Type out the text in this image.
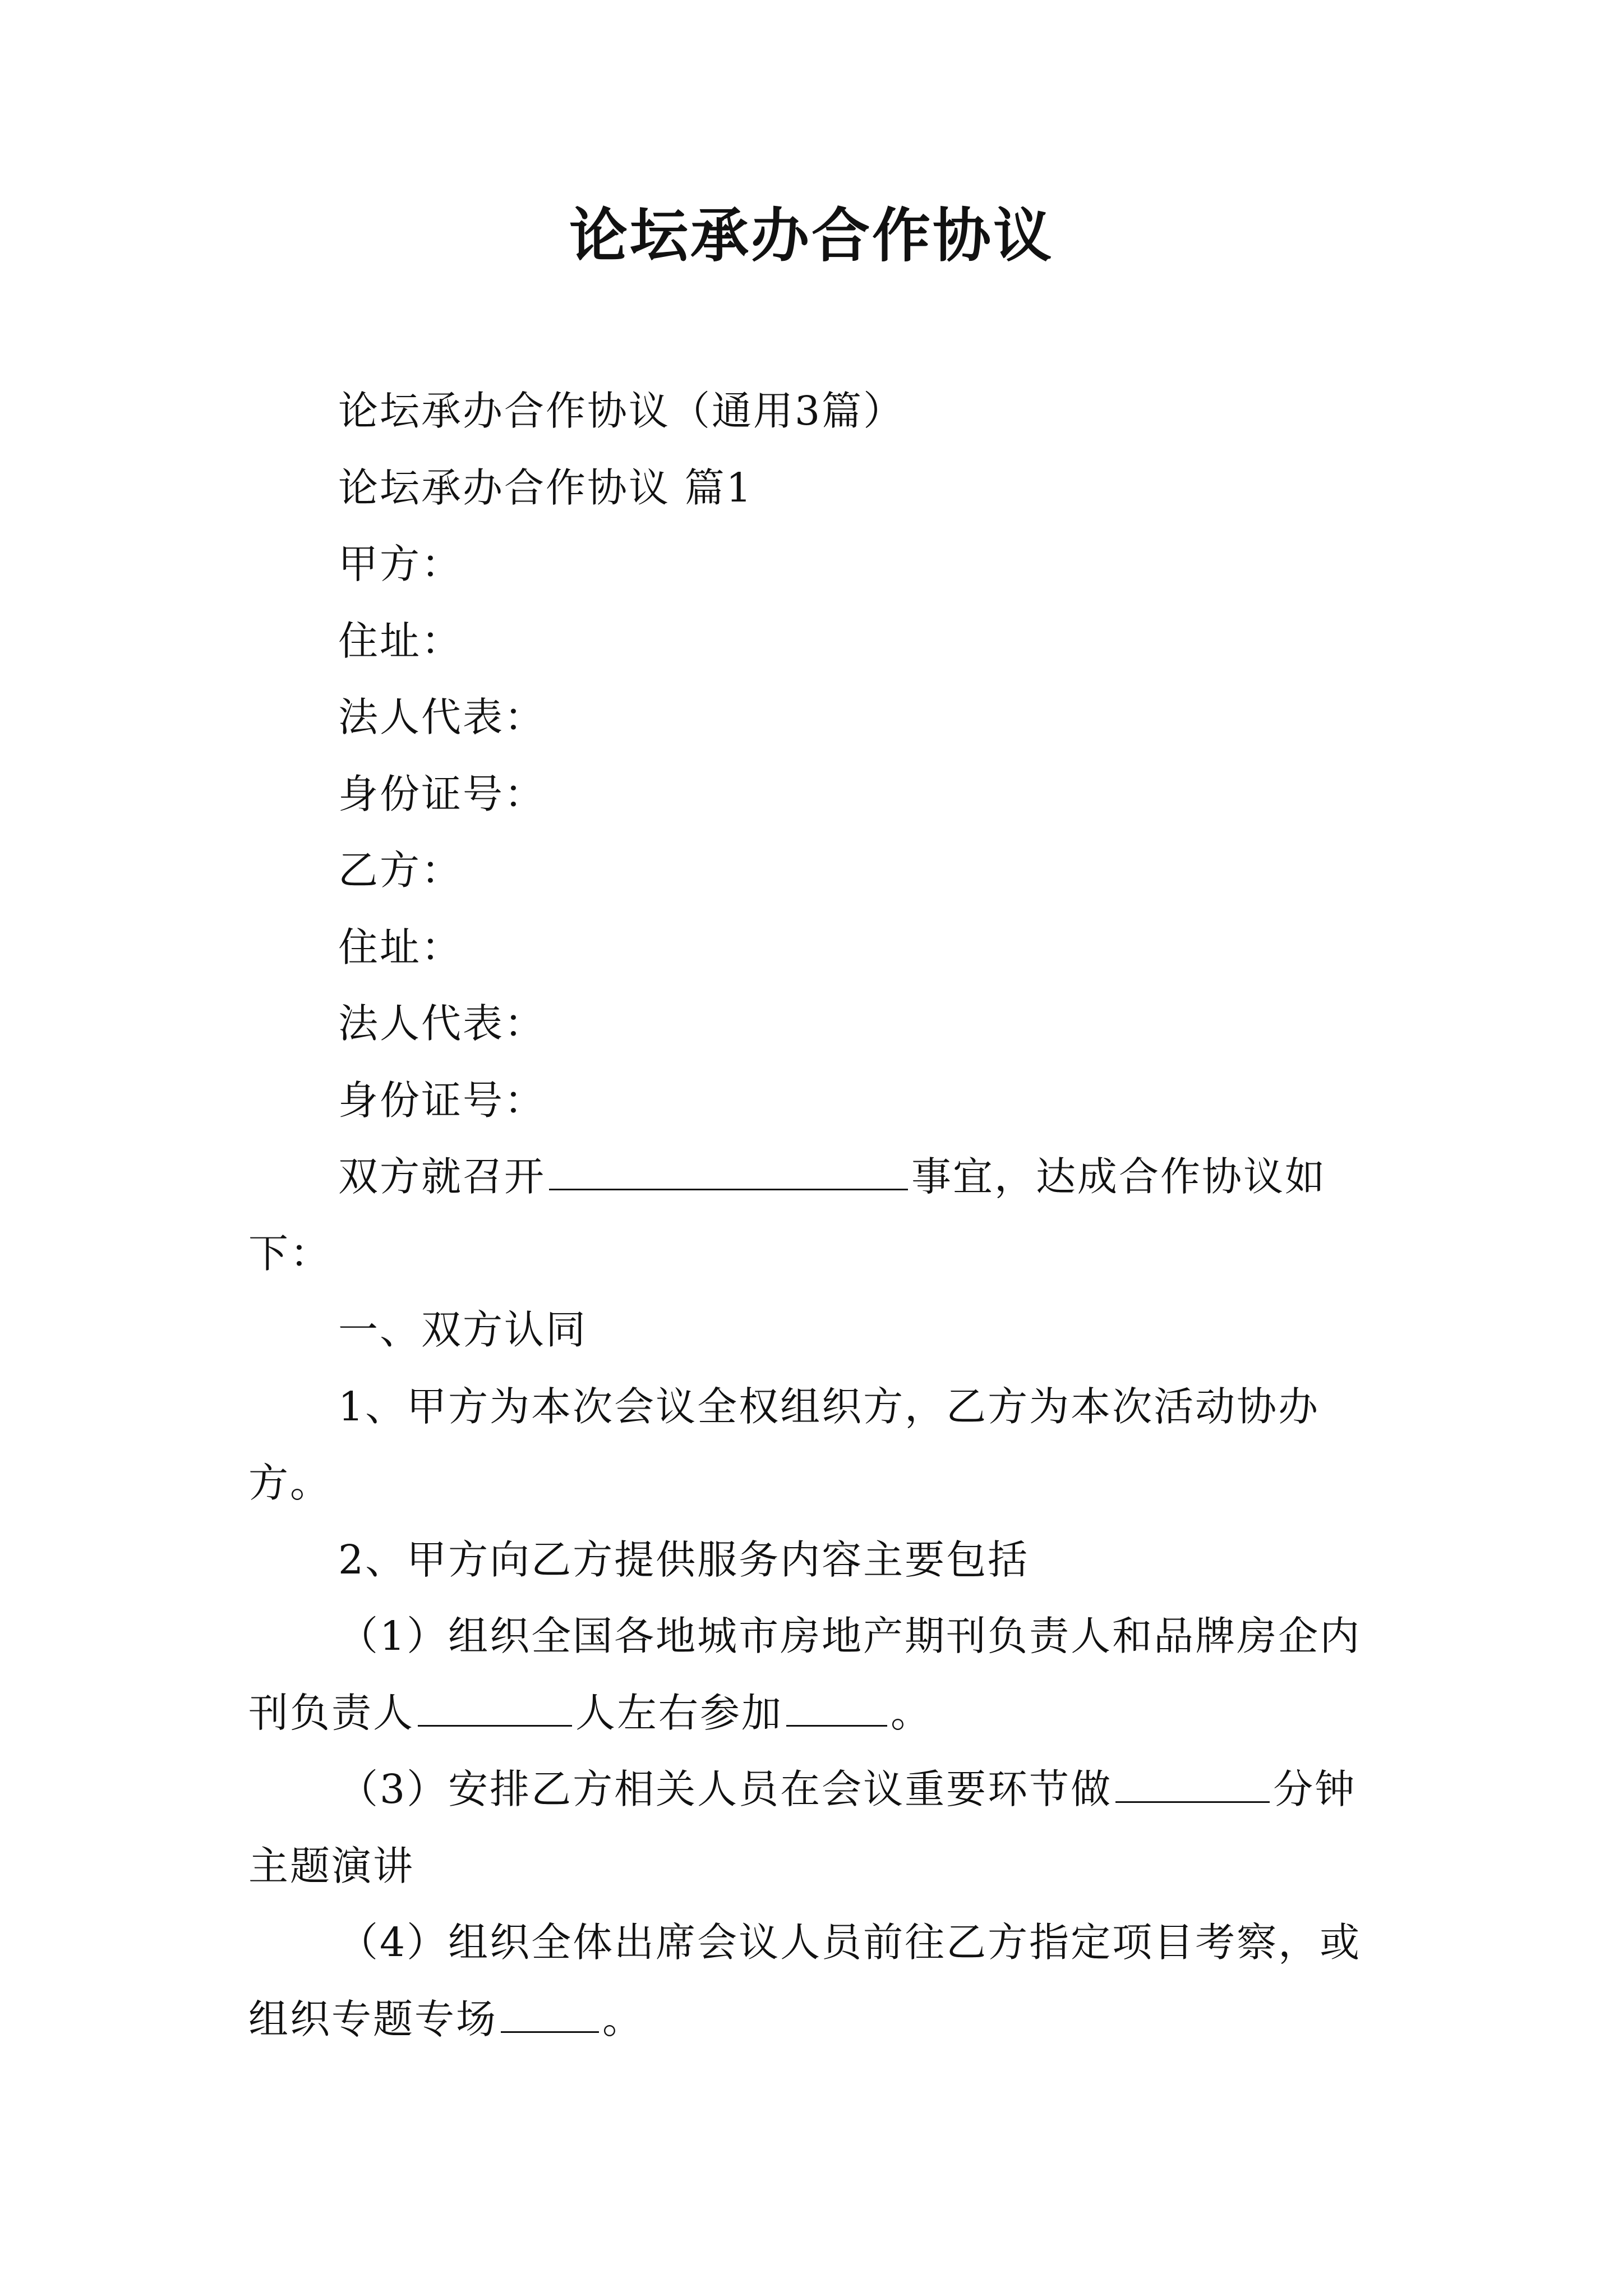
论坛承办合作协议

论坛承办合作协议（通用3篇）

论坛承办合作协议 篇1

甲方：

住址：

法人代表：

身份证号：

乙方：

住址：

法人代表：

身份证号：

双方就召开	事宜，达成合作协议如下：

一、双方认同

1、甲方为本次会议全权组织方，乙方为本次活动协办方。

2、甲方向乙方提供服务内容主要包括

（1）组织全国各地城市房地产期刊负责人和品牌房企内刊负责人	人左右参加	。

（3）安排乙方相关人员在会议重要环节做	分钟主题演讲

（4）组织全体出席会议人员前往乙方指定项目考察，或组织专题专场	。
